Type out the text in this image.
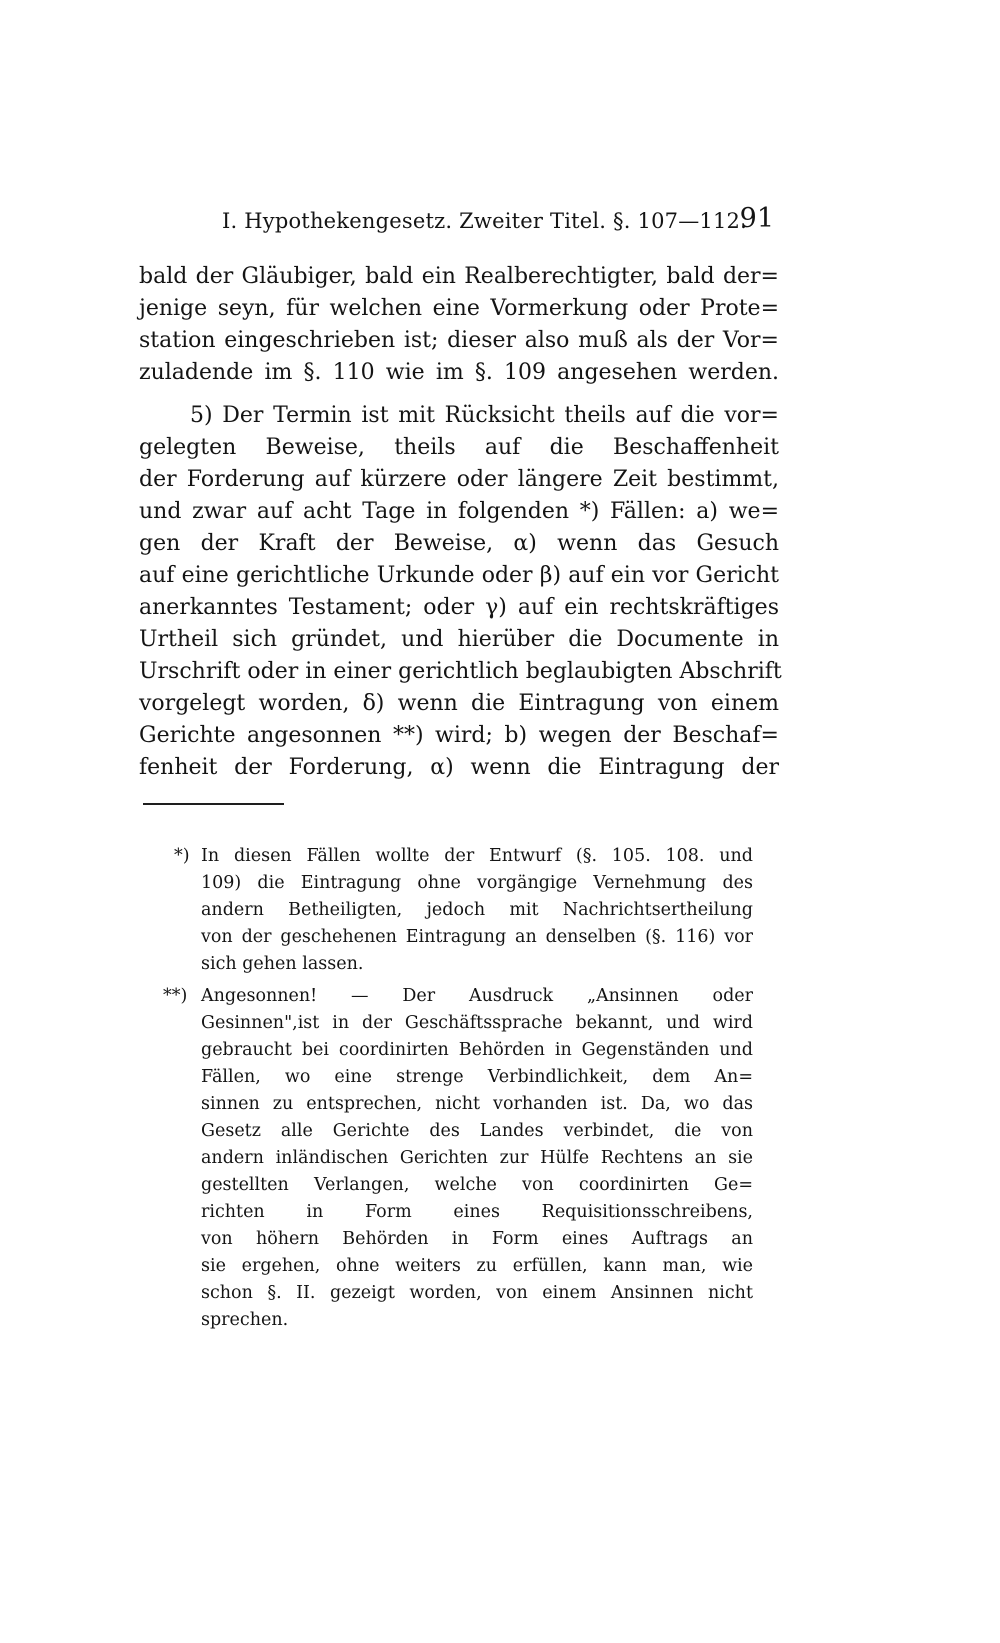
I. Hypothekengesetz. Zweiter Titel. §. 107—112.
91
bald der Gläubiger, bald ein Realberechtigter, bald der=
jenige seyn, für welchen eine Vormerkung oder Prote=
station eingeschrieben ist; dieser also muß als der Vor=
zuladende im §. 110 wie im §. 109 angesehen werden.
5) Der Termin ist mit Rücksicht theils auf die vor=
gelegten Beweise, theils auf die Beschaffenheit
der Forderung auf kürzere oder längere Zeit bestimmt,
und zwar auf acht Tage in folgenden *) Fällen: a) we=
gen der Kraft der Beweise, α) wenn das Gesuch
auf eine gerichtliche Urkunde oder β) auf ein vor Gericht
anerkanntes Testament; oder γ) auf ein rechtskräftiges
Urtheil sich gründet, und hierüber die Documente in
Urschrift oder in einer gerichtlich beglaubigten Abschrift
vorgelegt worden, δ) wenn die Eintragung von einem
Gerichte angesonnen **) wird; b) wegen der Beschaf=
fenheit der Forderung, α) wenn die Eintragung der
*) In diesen Fällen wollte der Entwurf (§. 105. 108. und
109) die Eintragung ohne vorgängige Vernehmung des
andern Betheiligten, jedoch mit Nachrichtsertheilung
von der geschehenen Eintragung an denselben (§. 116) vor
sich gehen lassen.
**) Angesonnen! — Der Ausdruck „Ansinnen oder
Gesinnen",ist in der Geschäftssprache bekannt, und wird
gebraucht bei coordinirten Behörden in Gegenständen und
Fällen, wo eine strenge Verbindlichkeit, dem An=
sinnen zu entsprechen, nicht vorhanden ist. Da, wo das
Gesetz alle Gerichte des Landes verbindet, die von
andern inländischen Gerichten zur Hülfe Rechtens an sie
gestellten Verlangen, welche von coordinirten Ge=
richten in Form eines Requisitionsschreibens,
von höhern Behörden in Form eines Auftrags an
sie ergehen, ohne weiters zu erfüllen, kann man, wie
schon §. II. gezeigt worden, von einem Ansinnen nicht
sprechen.
